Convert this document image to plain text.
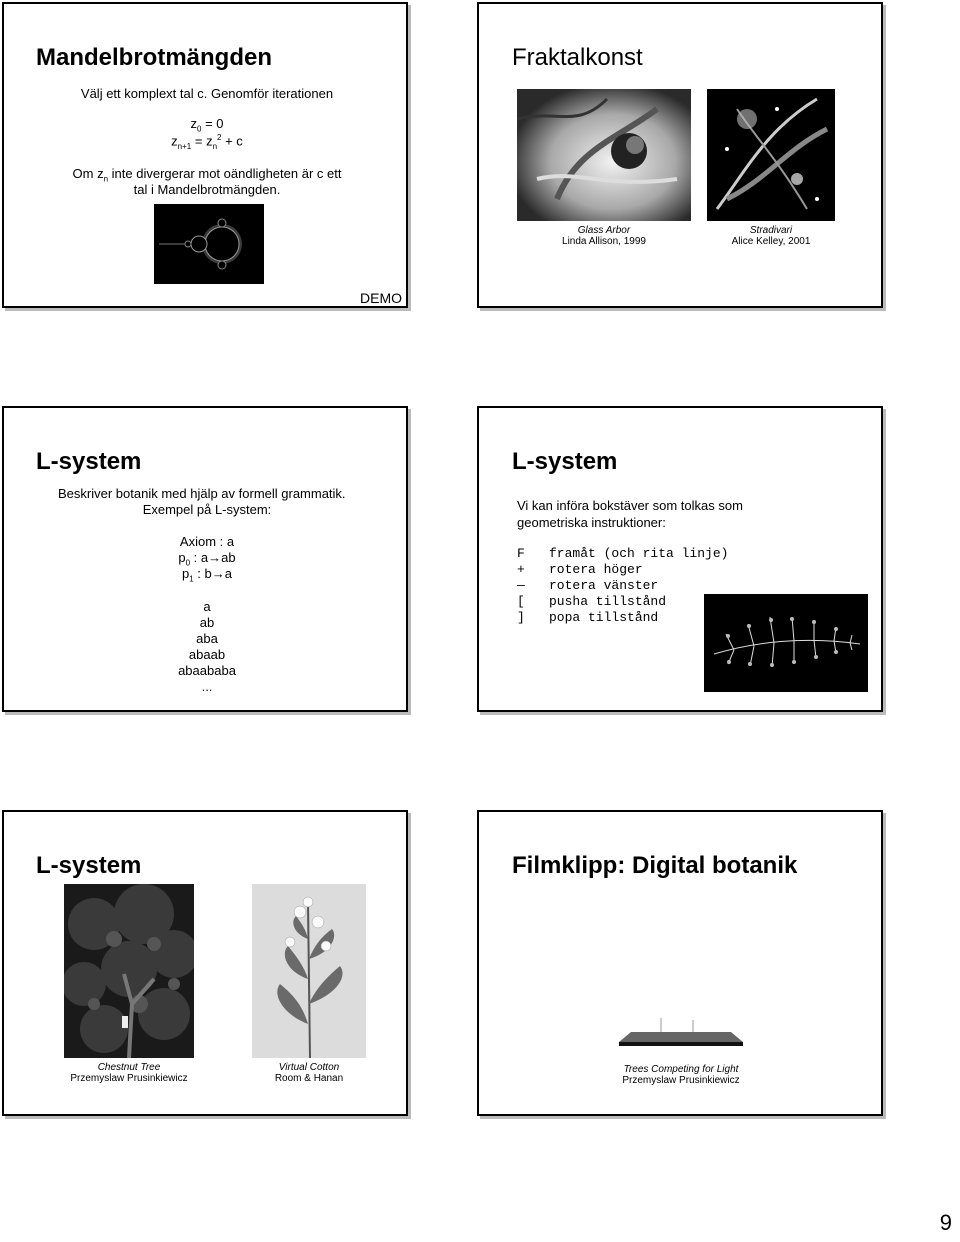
Mandelbrotmängden
Välj ett komplext tal c. Genomför iterationen
$z_0 = 0$
$z_{n+1} = z_n^2 + c$
Om $z_n$ inte divergerar mot oändligheten är c ett
tal i Mandelbrotmängden.
DEMO
Fraktalkonst
Glass Arbor
Linda Allison, 1999
Stradivari
Alice Kelley, 2001
L-system
Beskriver botanik med hjälp av formell grammatik.
Exempel på L-system:
Axiom : a
$p_0$ : a→ab
$p_1$ : b→a
a
ab
aba
abaab
abaababa
...
L-system
Vi kan införa bokstäver som tolkas som
geometriska instruktioner:
F framåt (och rita linje)
+ rotera höger
— rotera vänster
[ pusha tillstånd
] popa tillstånd
L-system
Chestnut Tree
Przemyslaw Prusinkiewicz
Virtual Cotton
Room & Hanan
Filmklipp: Digital botanik
Trees Competing for Light
Przemyslaw Prusinkiewicz
9
